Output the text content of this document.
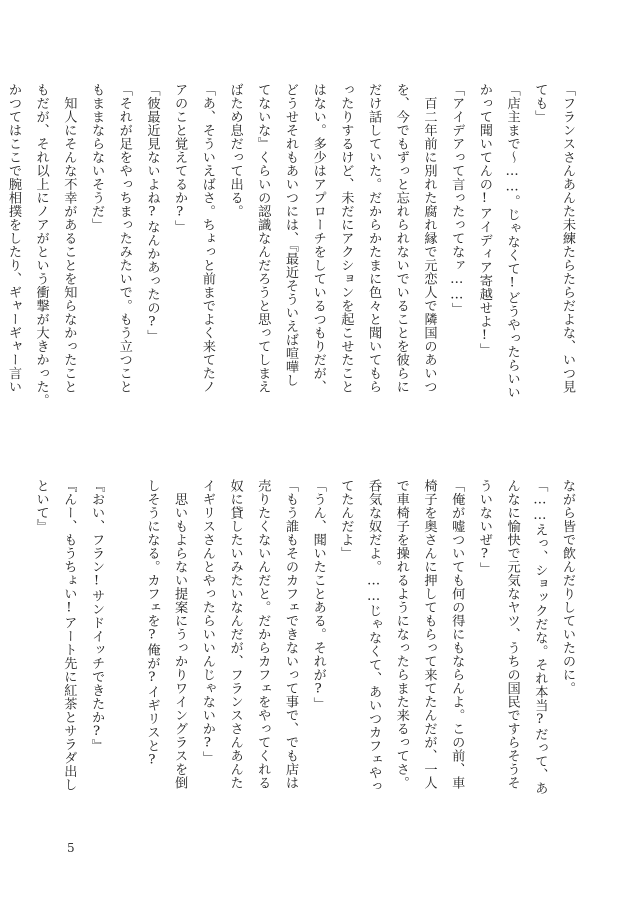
「フランスさんあんた未練たらたらだよな、いつ見
ても」
「店主まで〜……。じゃなくて!どうやったらいい
かって聞いてんの!アイディア寄越せよ!」
「アイデアって言ったってなァ……」
　百二年前に別れた腐れ縁で元恋人で隣国のあいつ
を、今でもずっと忘れられないでいることを彼らに
だけ話していた。だからかたまに色々と聞いてもら
ったりするけど、未だにアクションを起こせたこと
はない。多少はアプローチをしているつもりだが、
どうせそれもあいつには、『最近そういえば喧嘩し
てないな』くらいの認識なんだろうと思ってしまえ
ばため息だって出る。
「あ、そういえばさ。ちょっと前までよく来てたノ
アのこと覚えてるか?」
「彼最近見ないよね?なんかあったの?」
「それが足をやっちまったみたいで。もう立つこと
もままならないそうだ」
　知人にそんな不幸があることを知らなかったこと
もだが、それ以上にノアがという衝撃が大きかった。
かつてはここで腕相撲をしたり、ギャーギャー言い
ながら皆で飲んだりしていたのに。
「……えっ、ショックだな。それ本当?だって、あ
んなに愉快で元気なヤツ、うちの国民ですらそうそ
ういないぜ?」
「俺が嘘ついても何の得にもならんよ。この前、車
椅子を奥さんに押してもらって来てたんだが、一人
で車椅子を操れるようになったらまた来るってさ。
呑気な奴だよ。……じゃなくて、あいつカフェやっ
てたんだよ」
「うん、聞いたことある。それが?」
「もう誰もそのカフェできないって事で、でも店は
売りたくないんだと。だからカフェをやってくれる
奴に貸したいみたいなんだが、フランスさんあんた
イギリスさんとやったらいいんじゃないか?」
　思いもよらない提案にうっかりワイングラスを倒
しそうになる。カフェを?俺が?イギリスと?

『おい、フラン!サンドイッチできたか?』
『んー、もうちょい!アート先に紅茶とサラダ出し
といて』
5
